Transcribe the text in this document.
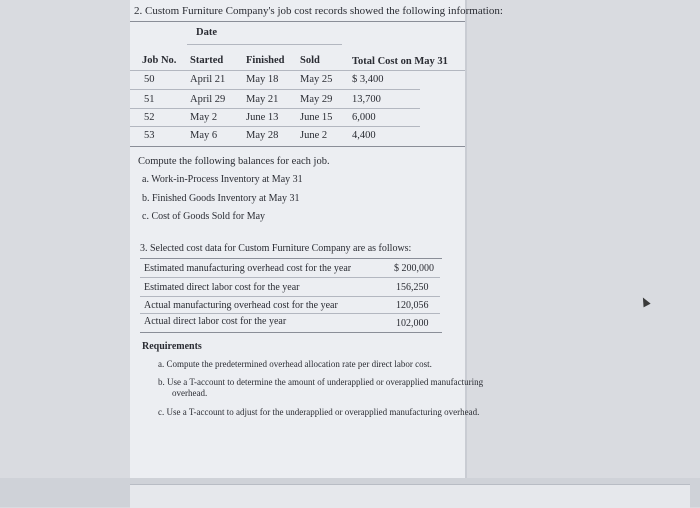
2. Custom Furniture Company's job cost records showed the following information:
Date
Job No. Started Finished Sold	Total Cost on May 31
50	April 21 May 18 May 25 $ 3,400
51	April 29 May 21 May 29 13,700
52	May 2	June 13 June 15 6,000
53	May 6	May 28 June 2 4,400
Compute the following balances for each job.
a. Work-in-Process Inventory at May 31
b. Finished Goods Inventory at May 31
c. Cost of Goods Sold for May
3. Selected cost data for Custom Furniture Company are as follows:
Estimated manufacturing overhead cost for the year	$ 200,000
Estimated direct labor cost for the year	156,250
Actual manufacturing overhead cost for the year	120,056
Actual direct labor cost for the year	102,000
Requirements
a. Compute the predetermined overhead allocation rate per direct labor cost.
b. Use a T-account to determine the amount of underapplied or overapplied manufacturing
overhead.
c. Use a T-account to adjust for the underapplied or overapplied manufacturing overhead.
